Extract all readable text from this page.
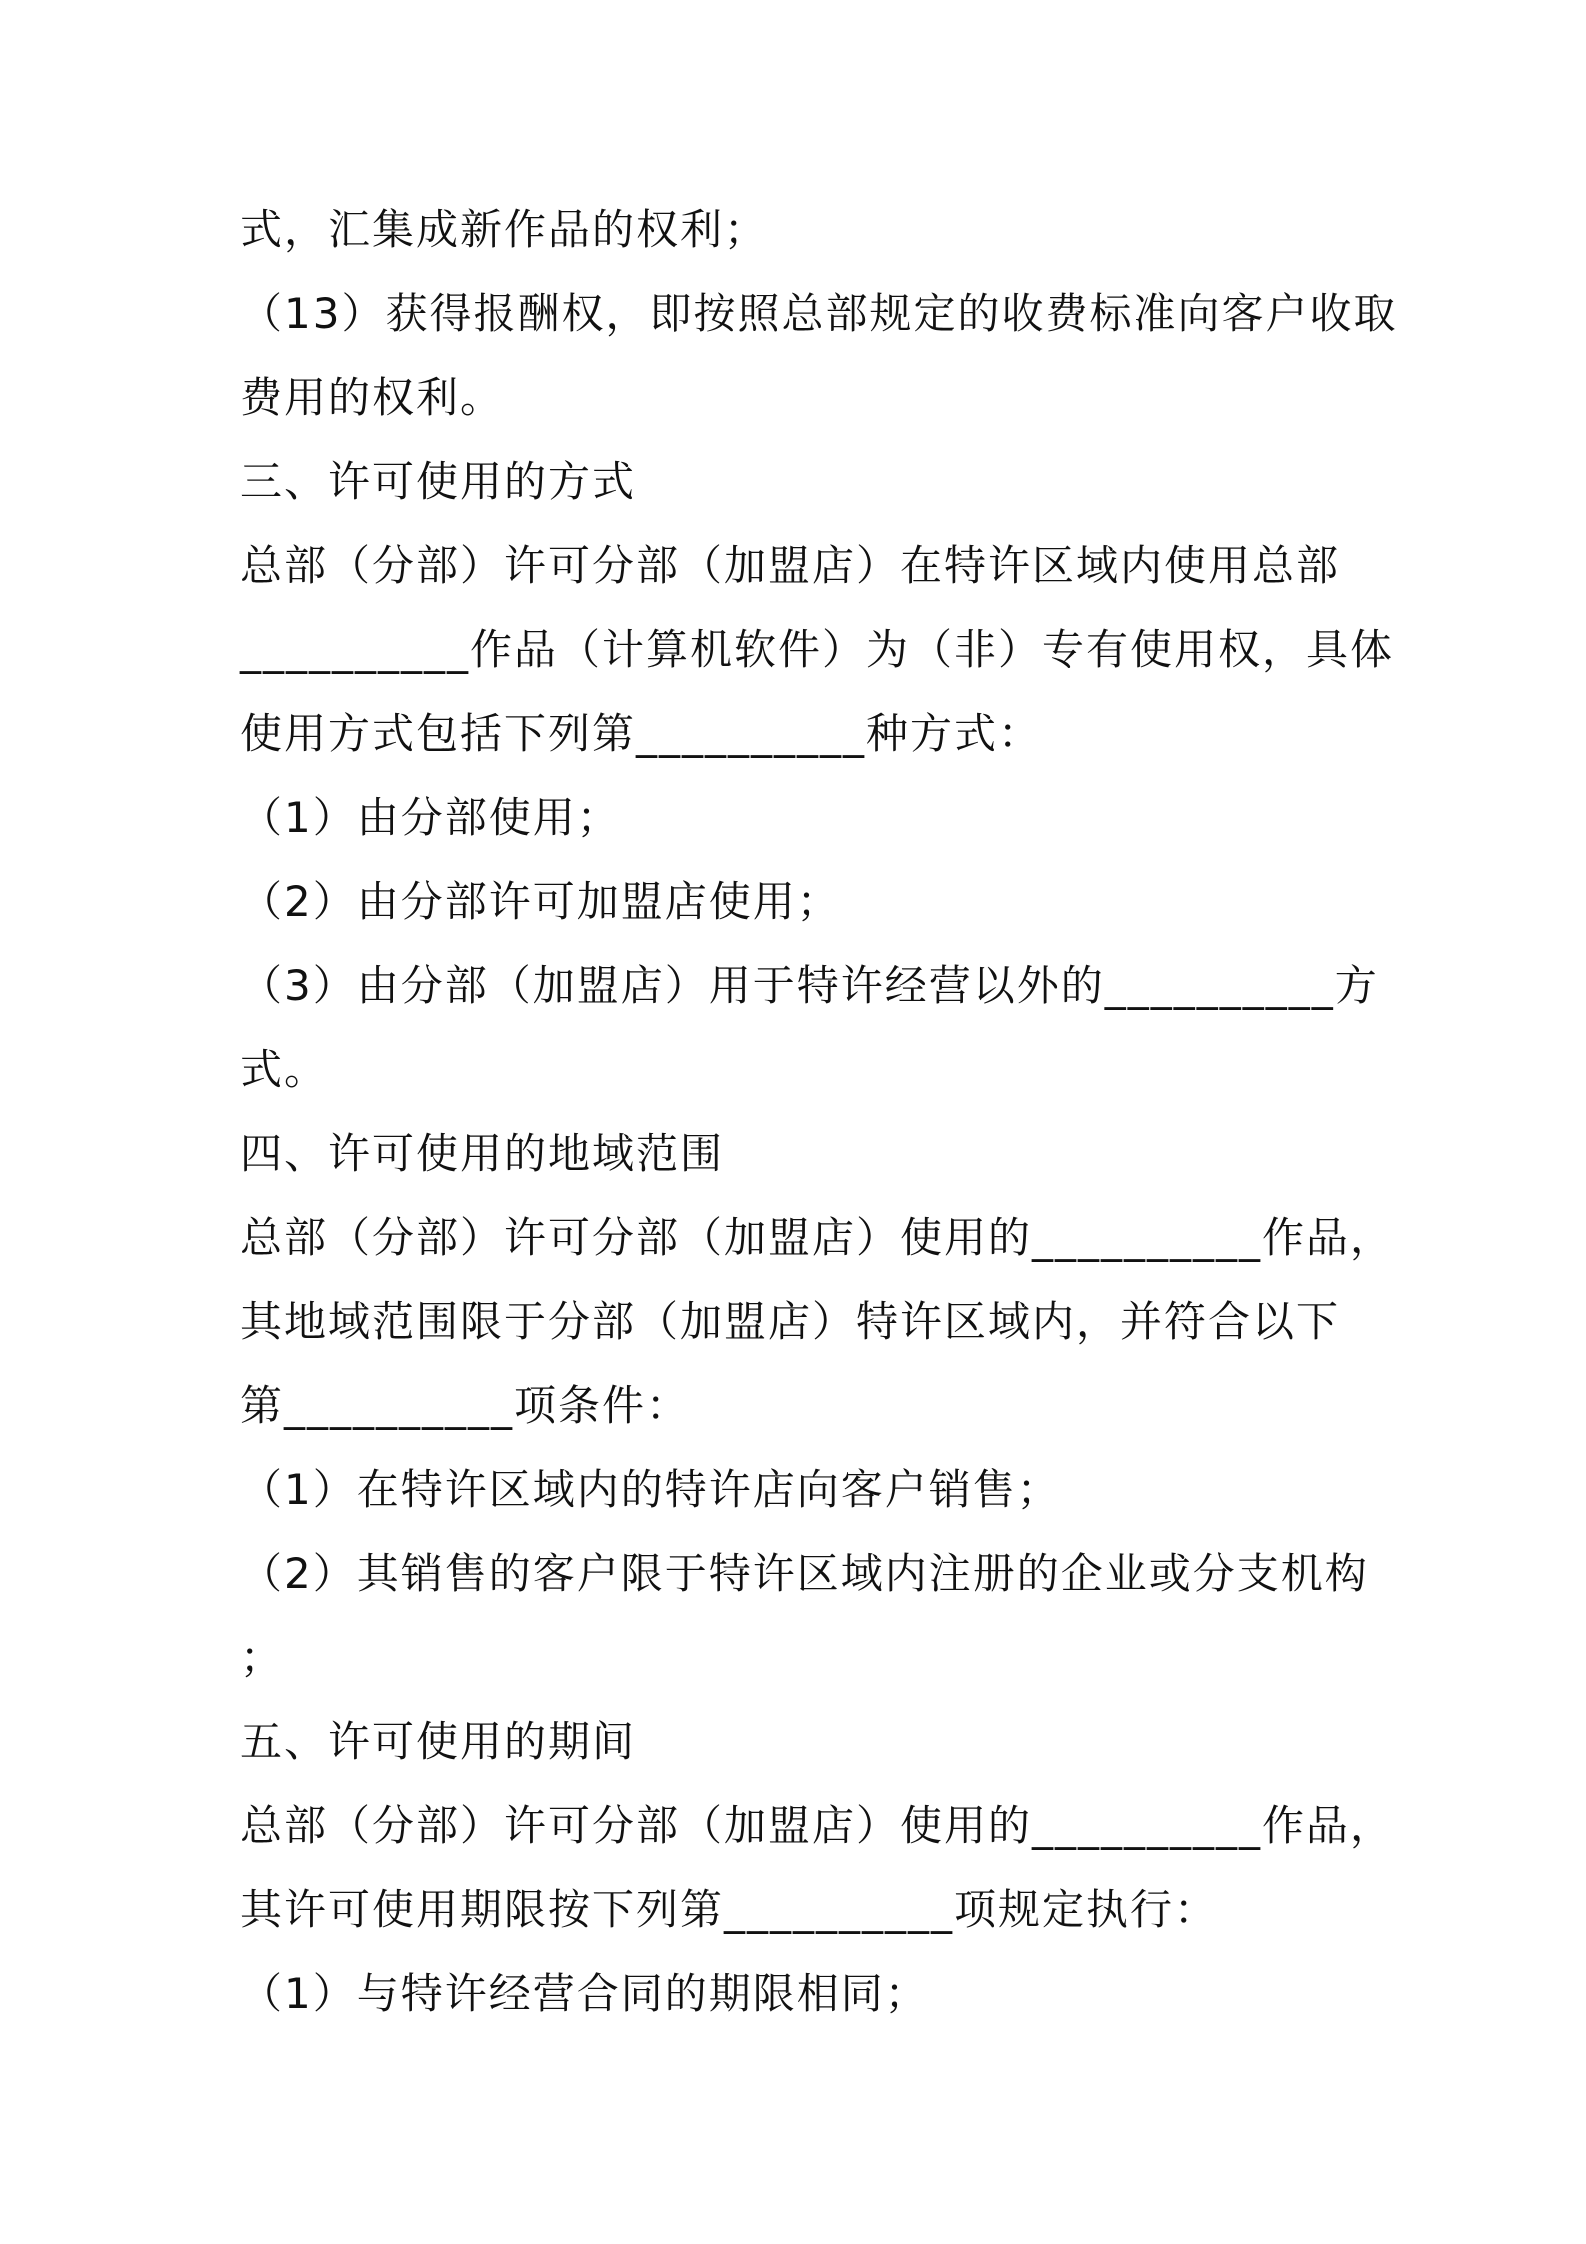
式，汇集成新作品的权利；
（13）获得报酬权，即按照总部规定的收费标准向客户收取
费用的权利。
三、许可使用的方式
总部（分部）许可分部（加盟店）在特许区域内使用总部
__________作品（计算机软件）为（非）专有使用权，具体
使用方式包括下列第__________种方式：
（1）由分部使用；
（2）由分部许可加盟店使用；
（3）由分部（加盟店）用于特许经营以外的__________方
式。
四、许可使用的地域范围
总部（分部）许可分部（加盟店）使用的__________作品，
其地域范围限于分部（加盟店）特许区域内，并符合以下
第__________项条件：
（1）在特许区域内的特许店向客户销售；
（2）其销售的客户限于特许区域内注册的企业或分支机构
；
五、许可使用的期间
总部（分部）许可分部（加盟店）使用的__________作品，
其许可使用期限按下列第__________项规定执行：
（1）与特许经营合同的期限相同；
